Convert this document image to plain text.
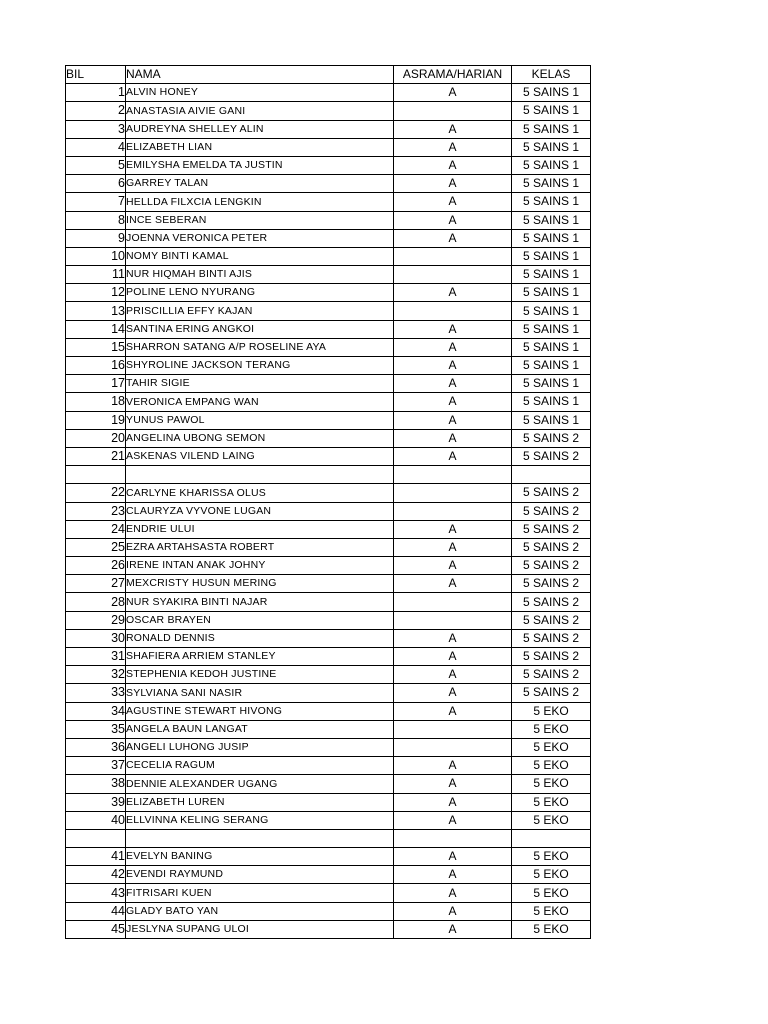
BIL	NAMA	ASRAMA/HARIAN	KELAS
1	ALVIN HONEY	A	5 SAINS 1
2	ANASTASIA AIVIE GANI		5 SAINS 1
3	AUDREYNA SHELLEY ALIN	A	5 SAINS 1
4	ELIZABETH LIAN	A	5 SAINS 1
5	EMILYSHA EMELDA TA JUSTIN	A	5 SAINS 1
6	GARREY TALAN	A	5 SAINS 1
7	HELLDA FILXCIA LENGKIN	A	5 SAINS 1
8	INCE SEBERAN	A	5 SAINS 1
9	JOENNA VERONICA PETER	A	5 SAINS 1
10	NOMY BINTI KAMAL		5 SAINS 1
11	NUR HIQMAH BINTI AJIS		5 SAINS 1
12	POLINE LENO NYURANG	A	5 SAINS 1
13	PRISCILLIA EFFY KAJAN		5 SAINS 1
14	SANTINA ERING ANGKOI	A	5 SAINS 1
15	SHARRON SATANG A/P ROSELINE AYA	A	5 SAINS 1
16	SHYROLINE JACKSON TERANG	A	5 SAINS 1
17	TAHIR SIGIE	A	5 SAINS 1
18	VERONICA EMPANG WAN	A	5 SAINS 1
19	YUNUS PAWOL	A	5 SAINS 1
20	ANGELINA UBONG SEMON	A	5 SAINS 2
21	ASKENAS VILEND LAING	A	5 SAINS 2

22	CARLYNE KHARISSA OLUS		5 SAINS 2
23	CLAURYZA VYVONE LUGAN		5 SAINS 2
24	ENDRIE ULUI	A	5 SAINS 2
25	EZRA ARTAHSASTA ROBERT	A	5 SAINS 2
26	IRENE INTAN ANAK JOHNY	A	5 SAINS 2
27	MEXCRISTY HUSUN MERING	A	5 SAINS 2
28	NUR SYAKIRA BINTI NAJAR		5 SAINS 2
29	OSCAR BRAYEN		5 SAINS 2
30	RONALD DENNIS	A	5 SAINS 2
31	SHAFIERA ARRIEM STANLEY	A	5 SAINS 2
32	STEPHENIA KEDOH JUSTINE	A	5 SAINS 2
33	SYLVIANA SANI NASIR	A	5 SAINS 2
34	AGUSTINE STEWART HIVONG	A	5 EKO
35	ANGELA BAUN LANGAT		5 EKO
36	ANGELI LUHONG JUSIP		5 EKO
37	CECELIA RAGUM	A	5 EKO
38	DENNIE ALEXANDER UGANG	A	5 EKO
39	ELIZABETH LUREN	A	5 EKO
40	ELLVINNA KELING SERANG	A	5 EKO

41	EVELYN BANING	A	5 EKO
42	EVENDI RAYMUND	A	5 EKO
43	FITRISARI KUEN	A	5 EKO
44	GLADY BATO YAN	A	5 EKO
45	JESLYNA SUPANG ULOI	A	5 EKO
